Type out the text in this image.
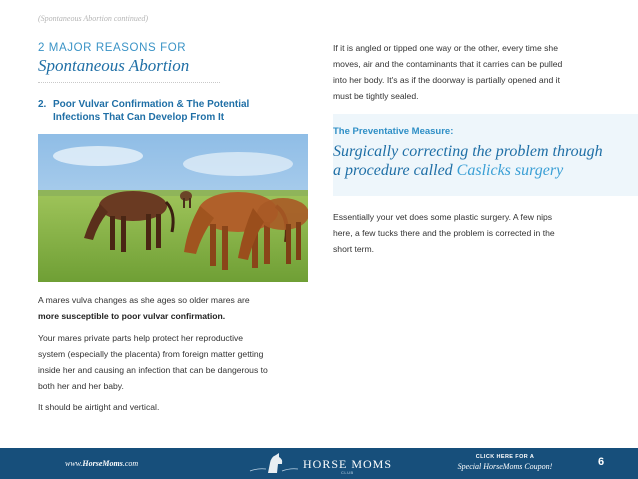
(Spontaneous Abortion continued)
2 MAJOR REASONS FOR
Spontaneous Abortion
2. Poor Vulvar Confirmation & The Potential
Infections That Can Develop From It
A mares vulva changes as she ages so older mares are
more susceptible to poor vulvar confirmation.
Your mares private parts help protect her reproductive
system (especially the placenta) from foreign matter getting
inside her and causing an infection that can be dangerous to
both her and her baby.
It should be airtight and vertical.
If it is angled or tipped one way or the other, every time she
moves, air and the contaminants that it carries can be pulled
into her body. It's as if the doorway is partially opened and it
must be tightly sealed.
The Preventative Measure:
Surgically correcting the problem through
a procedure called Caslicks surgery
Essentially your vet does some plastic surgery. A few nips
here, a few tucks there and the problem is corrected in the
short term.
www.HorseMoms.com	HORSE MOMS
CLUB
CLICK HERE FOR A
Special HorseMoms Coupon!	6
